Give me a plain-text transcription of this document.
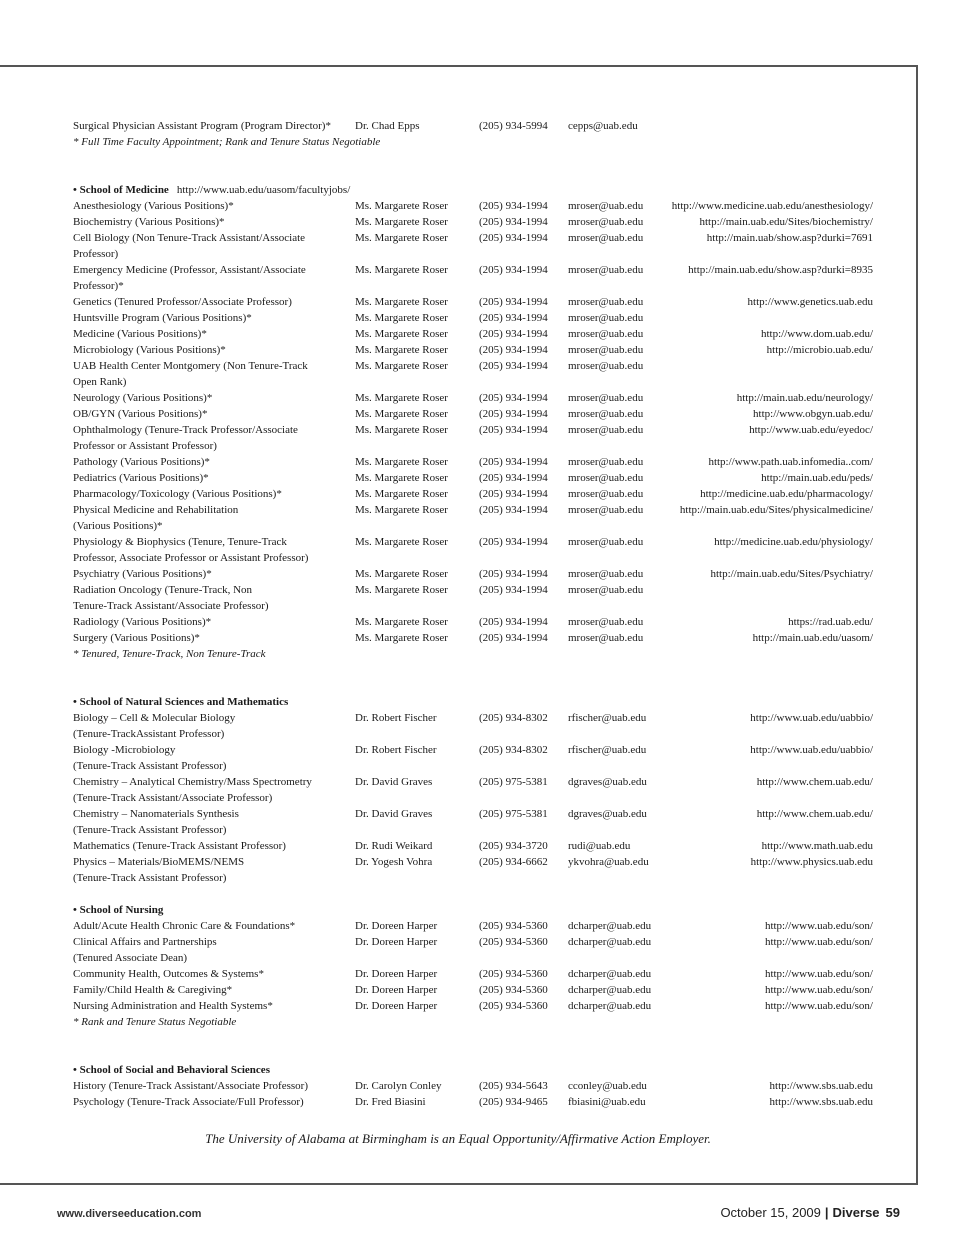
Surgical Physician Assistant Program (Program Director)*	Dr. Chad Epps	(205) 934-5994	cepps@uab.edu
* Full Time Faculty Appointment; Rank and Tenure Status Negotiable
• School of Medicine http://www.uab.edu/uasom/facultyjobs/
Anesthesiology (Various Positions)*	Ms. Margarete Roser	(205) 934-1994	mroser@uab.edu	http://www.medicine.uab.edu/anesthesiology/
Biochemistry (Various Positions)*	Ms. Margarete Roser	(205) 934-1994	mroser@uab.edu	http://main.uab.edu/Sites/biochemistry/
Cell Biology (Non Tenure-Track Assistant/Associate	Ms. Margarete Roser	(205) 934-1994	mroser@uab.edu	http://main.uab/show.asp?durki=7691
Professor)
Emergency Medicine (Professor, Assistant/Associate	Ms. Margarete Roser	(205) 934-1994	mroser@uab.edu	http://main.uab.edu/show.asp?durki=8935
Professor)*
Genetics (Tenured Professor/Associate Professor)	Ms. Margarete Roser	(205) 934-1994	mroser@uab.edu	http://www.genetics.uab.edu
Huntsville Program (Various Positions)*	Ms. Margarete Roser	(205) 934-1994	mroser@uab.edu
Medicine (Various Positions)*	Ms. Margarete Roser	(205) 934-1994	mroser@uab.edu	http://www.dom.uab.edu/
Microbiology (Various Positions)*	Ms. Margarete Roser	(205) 934-1994	mroser@uab.edu	http://microbio.uab.edu/
UAB Health Center Montgomery (Non Tenure-Track	Ms. Margarete Roser	(205) 934-1994	mroser@uab.edu
Open Rank)
Neurology (Various Positions)*	Ms. Margarete Roser	(205) 934-1994	mroser@uab.edu	http://main.uab.edu/neurology/
OB/GYN (Various Positions)*	Ms. Margarete Roser	(205) 934-1994	mroser@uab.edu	http://www.obgyn.uab.edu/
Ophthalmology (Tenure-Track Professor/Associate	Ms. Margarete Roser	(205) 934-1994	mroser@uab.edu	http://www.uab.edu/eyedoc/
Professor or Assistant Professor)
Pathology (Various Positions)*	Ms. Margarete Roser	(205) 934-1994	mroser@uab.edu	http://www.path.uab.infomedia..com/
Pediatrics (Various Positions)*	Ms. Margarete Roser	(205) 934-1994	mroser@uab.edu	http://main.uab.edu/peds/
Pharmacology/Toxicology (Various Positions)*	Ms. Margarete Roser	(205) 934-1994	mroser@uab.edu	http://medicine.uab.edu/pharmacology/
Physical Medicine and Rehabilitation	Ms. Margarete Roser	(205) 934-1994	mroser@uab.edu	http://main.uab.edu/Sites/physicalmedicine/
(Various Positions)*
Physiology & Biophysics (Tenure, Tenure-Track	Ms. Margarete Roser	(205) 934-1994	mroser@uab.edu	http://medicine.uab.edu/physiology/
Professor, Associate Professor or Assistant Professor)
Psychiatry (Various Positions)*	Ms. Margarete Roser	(205) 934-1994	mroser@uab.edu	http://main.uab.edu/Sites/Psychiatry/
Radiation Oncology (Tenure-Track, Non	Ms. Margarete Roser	(205) 934-1994	mroser@uab.edu
Tenure-Track Assistant/Associate Professor)
Radiology (Various Positions)*	Ms. Margarete Roser	(205) 934-1994	mroser@uab.edu	https://rad.uab.edu/
Surgery (Various Positions)*	Ms. Margarete Roser	(205) 934-1994	mroser@uab.edu	http://main.uab.edu/uasom/
* Tenured, Tenure-Track, Non Tenure-Track
• School of Natural Sciences and Mathematics
Biology – Cell & Molecular Biology	Dr. Robert Fischer	(205) 934-8302	rfischer@uab.edu	http://www.uab.edu/uabbio/
(Tenure-TrackAssistant Professor)
Biology -Microbiology	Dr. Robert Fischer	(205) 934-8302	rfischer@uab.edu	http://www.uab.edu/uabbio/
(Tenure-Track Assistant Professor)
Chemistry – Analytical Chemistry/Mass Spectrometry	Dr. David Graves	(205) 975-5381	dgraves@uab.edu	http://www.chem.uab.edu/
(Tenure-Track Assistant/Associate Professor)
Chemistry – Nanomaterials Synthesis	Dr. David Graves	(205) 975-5381	dgraves@uab.edu	http://www.chem.uab.edu/
(Tenure-Track Assistant Professor)
Mathematics (Tenure-Track Assistant Professor)	Dr. Rudi Weikard	(205) 934-3720	rudi@uab.edu	http://www.math.uab.edu
Physics – Materials/BioMEMS/NEMS	Dr. Yogesh Vohra	(205) 934-6662	ykvohra@uab.edu	http://www.physics.uab.edu
(Tenure-Track Assistant Professor)
• School of Nursing
Adult/Acute Health Chronic Care & Foundations*	Dr. Doreen Harper	(205) 934-5360	dcharper@uab.edu	http://www.uab.edu/son/
Clinical Affairs and Partnerships	Dr. Doreen Harper	(205) 934-5360	dcharper@uab.edu	http://www.uab.edu/son/
(Tenured Associate Dean)
Community Health, Outcomes & Systems*	Dr. Doreen Harper	(205) 934-5360	dcharper@uab.edu	http://www.uab.edu/son/
Family/Child Health & Caregiving*	Dr. Doreen Harper	(205) 934-5360	dcharper@uab.edu	http://www.uab.edu/son/
Nursing Administration and Health Systems*	Dr. Doreen Harper	(205) 934-5360	dcharper@uab.edu	http://www.uab.edu/son/
* Rank and Tenure Status Negotiable
• School of Social and Behavioral Sciences
History (Tenure-Track Assistant/Associate Professor)	Dr. Carolyn Conley	(205) 934-5643	cconley@uab.edu	http://www.sbs.uab.edu
Psychology (Tenure-Track Associate/Full Professor)	Dr. Fred Biasini	(205) 934-9465	fbiasini@uab.edu	http://www.sbs.uab.edu
The University of Alabama at Birmingham is an Equal Opportunity/Affirmative Action Employer.
www.diverseeducation.com	October 15, 2009 | Diverse 59
